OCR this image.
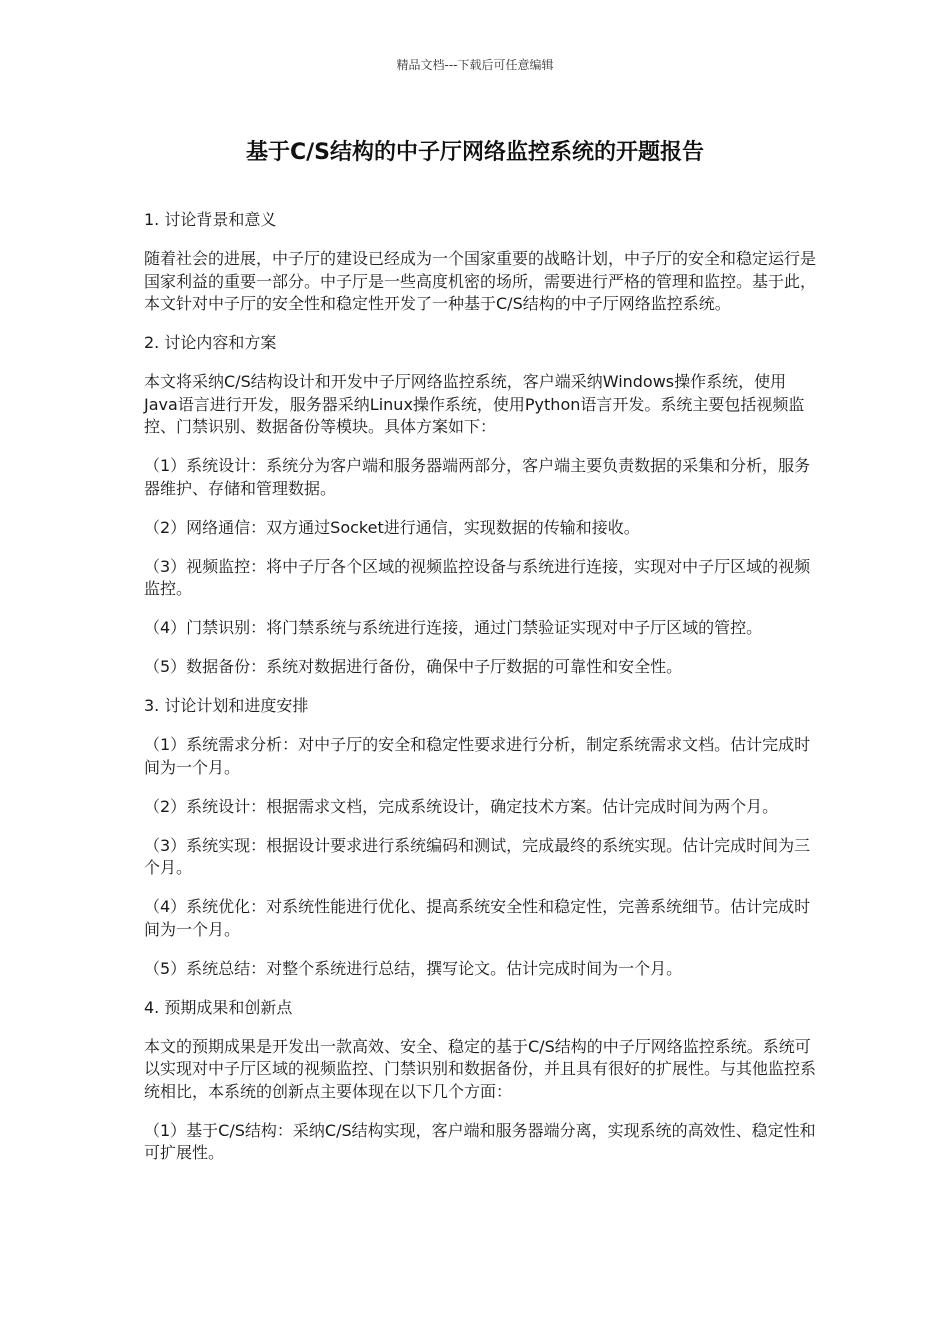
精品文档---下载后可任意编辑
基于C/S结构的中子厅网络监控系统的开题报告

1. 讨论背景和意义

随着社会的进展，中子厅的建设已经成为一个国家重要的战略计划，中子厅的安全和稳定运行是国家利益的重要一部分。中子厅是一些高度机密的场所，需要进行严格的管理和监控。基于此，本文针对中子厅的安全性和稳定性开发了一种基于C/S结构的中子厅网络监控系统。

2. 讨论内容和方案

本文将采纳C/S结构设计和开发中子厅网络监控系统，客户端采纳Windows操作系统，使用Java语言进行开发，服务器采纳Linux操作系统，使用Python语言开发。系统主要包括视频监控、门禁识别、数据备份等模块。具体方案如下：

（1）系统设计：系统分为客户端和服务器端两部分，客户端主要负责数据的采集和分析，服务器维护、存储和管理数据。

（2）网络通信：双方通过Socket进行通信，实现数据的传输和接收。

（3）视频监控：将中子厅各个区域的视频监控设备与系统进行连接，实现对中子厅区域的视频监控。

（4）门禁识别：将门禁系统与系统进行连接，通过门禁验证实现对中子厅区域的管控。

（5）数据备份：系统对数据进行备份，确保中子厅数据的可靠性和安全性。

3. 讨论计划和进度安排

（1）系统需求分析：对中子厅的安全和稳定性要求进行分析，制定系统需求文档。估计完成时间为一个月。

（2）系统设计：根据需求文档，完成系统设计，确定技术方案。估计完成时间为两个月。

（3）系统实现：根据设计要求进行系统编码和测试，完成最终的系统实现。估计完成时间为三个月。

（4）系统优化：对系统性能进行优化、提高系统安全性和稳定性，完善系统细节。估计完成时间为一个月。

（5）系统总结：对整个系统进行总结，撰写论文。估计完成时间为一个月。

4. 预期成果和创新点

本文的预期成果是开发出一款高效、安全、稳定的基于C/S结构的中子厅网络监控系统。系统可以实现对中子厅区域的视频监控、门禁识别和数据备份，并且具有很好的扩展性。与其他监控系统相比，本系统的创新点主要体现在以下几个方面：

（1）基于C/S结构：采纳C/S结构实现，客户端和服务器端分离，实现系统的高效性、稳定性和可扩展性。
